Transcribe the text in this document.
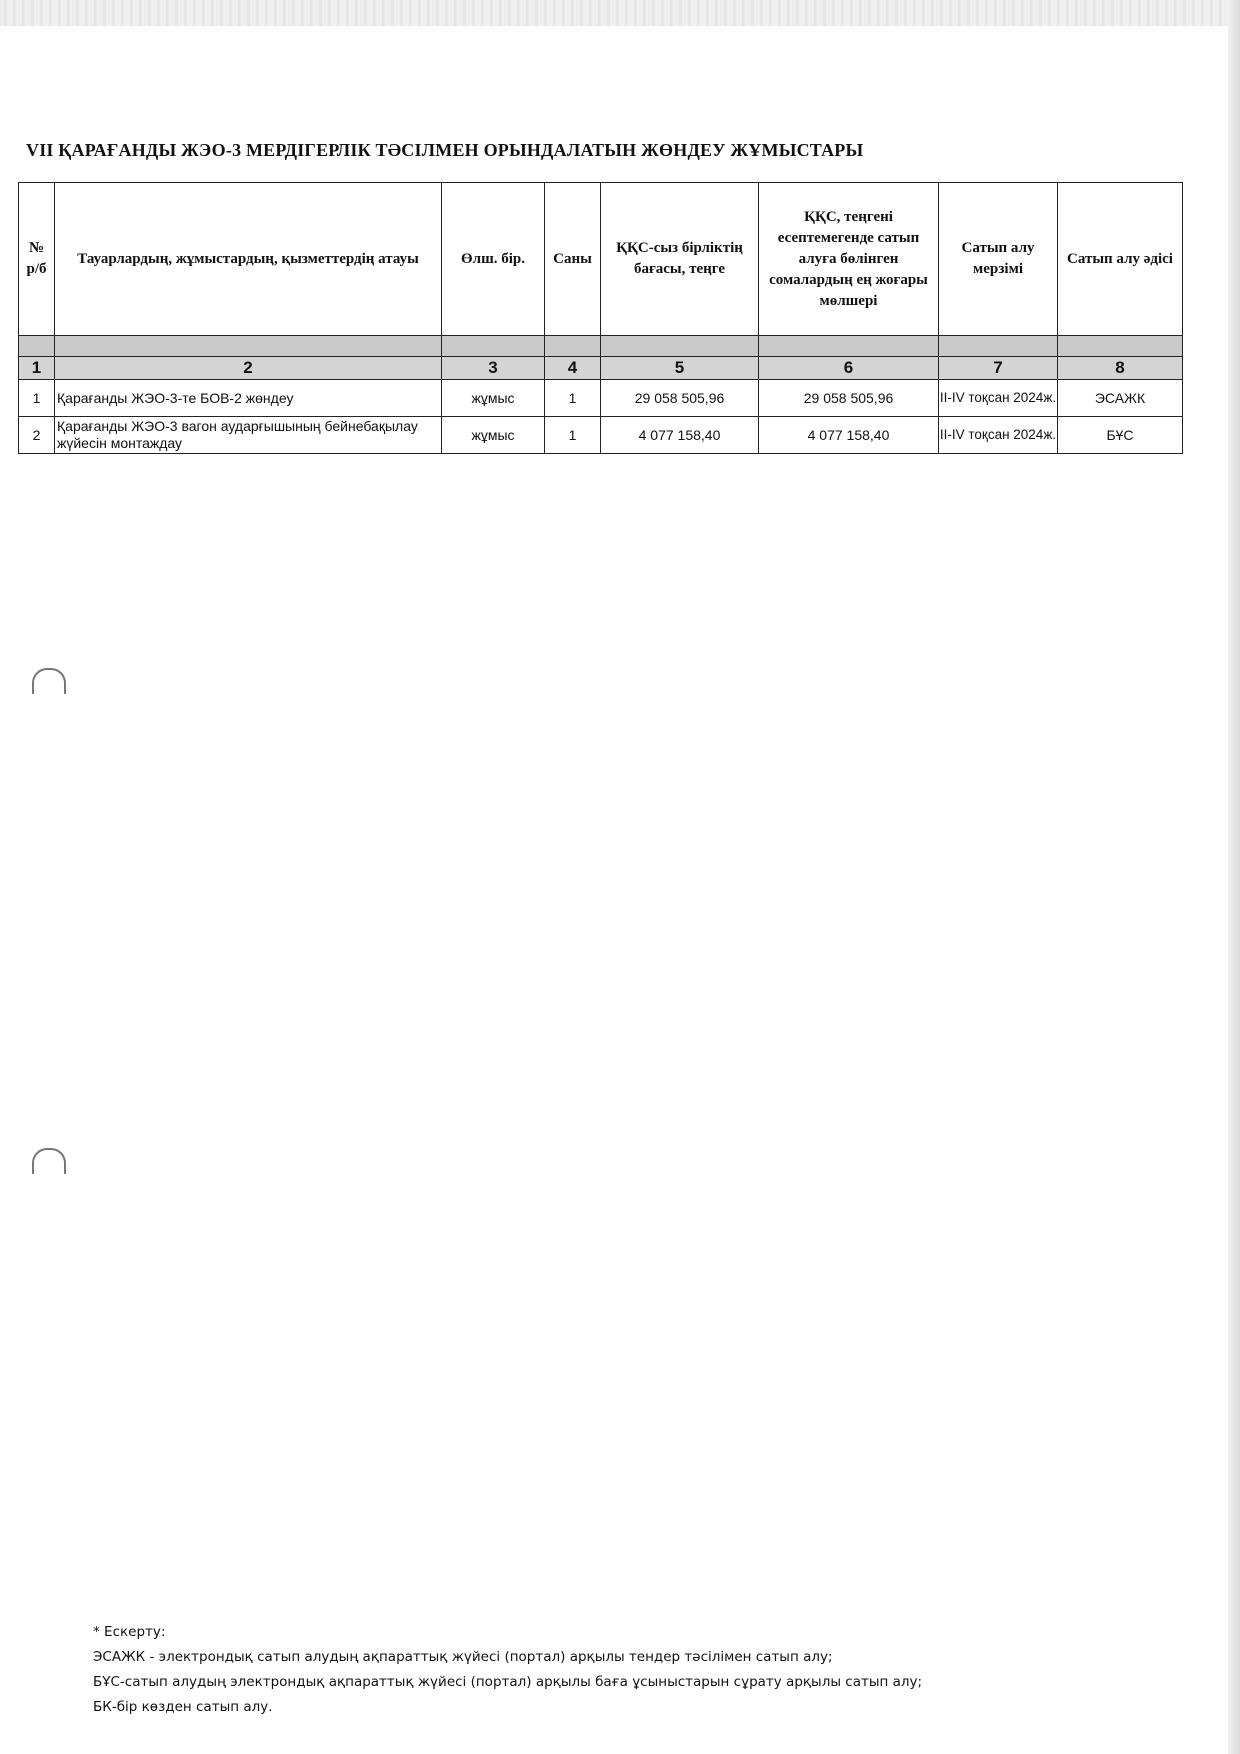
VII ҚАРАҒАНДЫ ЖЭО-3 МЕРДІГЕРЛІК ТӘСІЛМЕН ОРЫНДАЛАТЫН ЖӨНДЕУ ЖҰМЫСТАРЫ
№ р/б	Тауарлардың, жұмыстардың, қызметтердің атауы	Өлш. бір.	Саны	ҚҚС-сыз бірліктің бағасы, теңге	ҚҚС, теңгені есептемегенде сатып алуға бөлінген сомалардың ең жоғары мөлшері	Сатып алу мерзімі	Сатып алу әдісі

1	2	3	4	5	6	7	8
1	Қарағанды ЖЭО-3-те БОВ-2 жөндеу	жұмыс	1	29 058 505,96	29 058 505,96	II-IV тоқсан 2024ж.	ЭСАЖК
2	Қарағанды ЖЭО-3 вагон аударғышының бейнебақылау жүйесін монтаждау	жұмыс	1	4 077 158,40	4 077 158,40	II-IV тоқсан 2024ж.	БҰС
* Ескерту:
ЭСАЖК - электрондық сатып алудың ақпараттық жүйесі (портал) арқылы тендер тәсілімен сатып алу;
БҰС-сатып алудың электрондық ақпараттық жүйесі (портал) арқылы баға ұсыныстарын сұрату арқылы сатып алу;
БК-бір көзден сатып алу.
